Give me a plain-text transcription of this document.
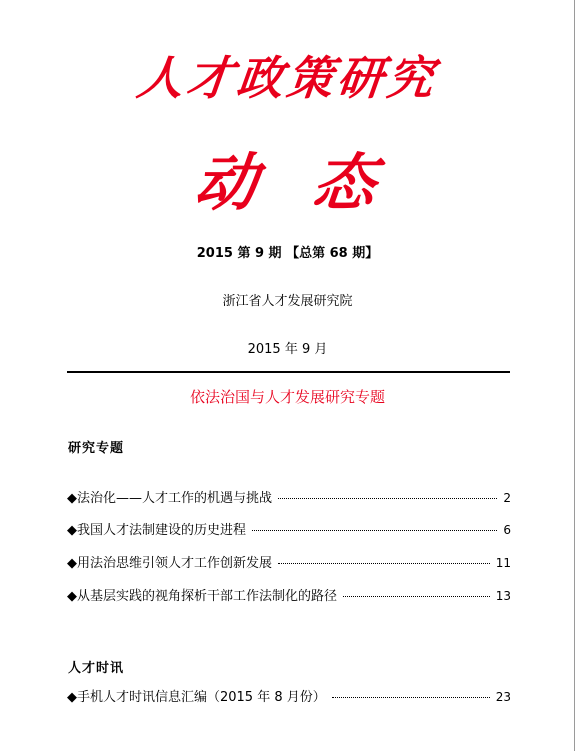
人才政策研究
动 态
2015 第 9 期 【总第 68 期】
浙江省人才发展研究院
2015 年 9 月
依法治国与人才发展研究专题
研究专题
◆法治化——人才工作的机遇与挑战	2
◆我国人才法制建设的历史进程	6
◆用法治思维引领人才工作创新发展	11
◆从基层实践的视角探析干部工作法制化的路径	13
人才时讯
◆手机人才时讯信息汇编（2015 年 8 月份）	23
